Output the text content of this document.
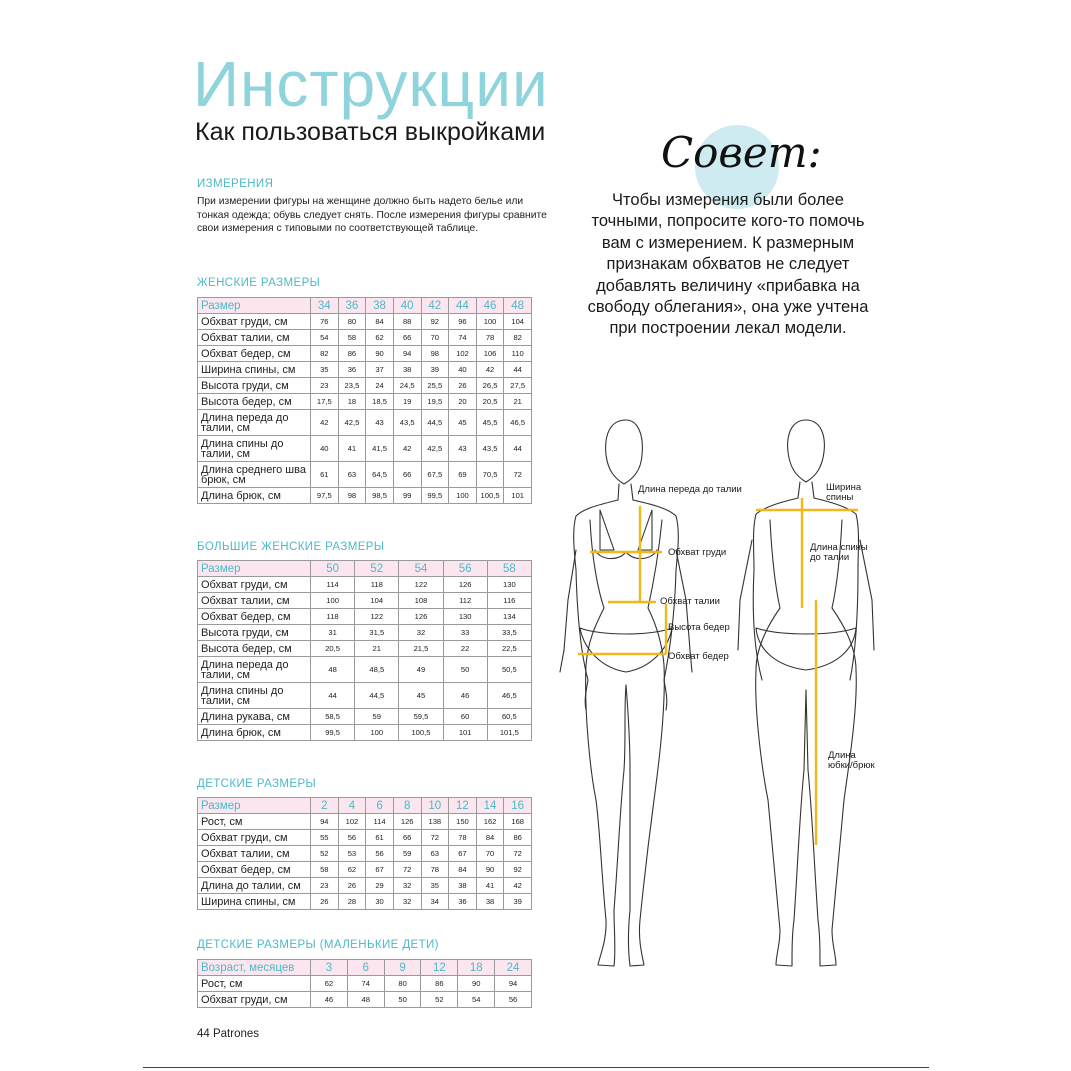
Инструкции
Как пользоваться выкройками
ИЗМЕРЕНИЯ
При измерении фигуры на женщине должно быть надето белье или тонкая одежда; обувь следует снять. После измерения фигуры сравните свои измерения с типовыми по соответствующей таблице.
ЖЕНСКИЕ РАЗМЕРЫ
Размер	34	36	38	40	42	44	46	48
Обхват груди, см	76	80	84	88	92	96	100	104
Обхват талии, см	54	58	62	66	70	74	78	82
Обхват бедер, см	82	86	90	94	98	102	106	110
Ширина спины, см	35	36	37	38	39	40	42	44
Высота груди, см	23	23,5	24	24,5	25,5	26	26,5	27,5
Высота бедер, см	17,5	18	18,5	19	19,5	20	20,5	21
Длина переда до талии, см	42	42,5	43	43,5	44,5	45	45,5	46,5
Длина спины до талии, см	40	41	41,5	42	42,5	43	43,5	44
Длина среднего шва брюк, см	61	63	64,5	66	67,5	69	70,5	72
Длина брюк, см	97,5	98	98,5	99	99,5	100	100,5	101
БОЛЬШИЕ ЖЕНСКИЕ РАЗМЕРЫ
Размер	50	52	54	56	58
Обхват груди, см	114	118	122	126	130
Обхват талии, см	100	104	108	112	116
Обхват бедер, см	118	122	126	130	134
Высота груди, см	31	31,5	32	33	33,5
Высота бедер, см	20,5	21	21,5	22	22,5
Длина переда до талии, см	48	48,5	49	50	50,5
Длина спины до талии, см	44	44,5	45	46	46,5
Длина рукава, см	58,5	59	59,5	60	60,5
Длина брюк, см	99,5	100	100,5	101	101,5
ДЕТСКИЕ РАЗМЕРЫ
Размер	2	4	6	8	10	12	14	16
Рост, см	94	102	114	126	138	150	162	168
Обхват груди, см	55	56	61	66	72	78	84	86
Обхват талии, см	52	53	56	59	63	67	70	72
Обхват бедер, см	58	62	67	72	78	84	90	92
Длина до талии, см	23	26	29	32	35	38	41	42
Ширина спины, см	26	28	30	32	34	36	38	39
ДЕТСКИЕ РАЗМЕРЫ (МАЛЕНЬКИЕ ДЕТИ)
Возраст, месяцев	3	6	9	12	18	24
Рост, см	62	74	80	86	90	94
Обхват груди, см	46	48	50	52	54	56
Совет:
Чтобы измерения были более точными, попросите кого-то помочь вам с измерением. К размерным признакам обхватов не следует добавлять величину «прибавка на свободу облегания», она уже учтена при построении лекал модели.
Длина переда до талии
Обхват груди
Обхват талии
Высота бедер
Обхват бедер
Ширина
спины
Длина спины
до талии
Длина
юбки/брюк
44 Patrones
